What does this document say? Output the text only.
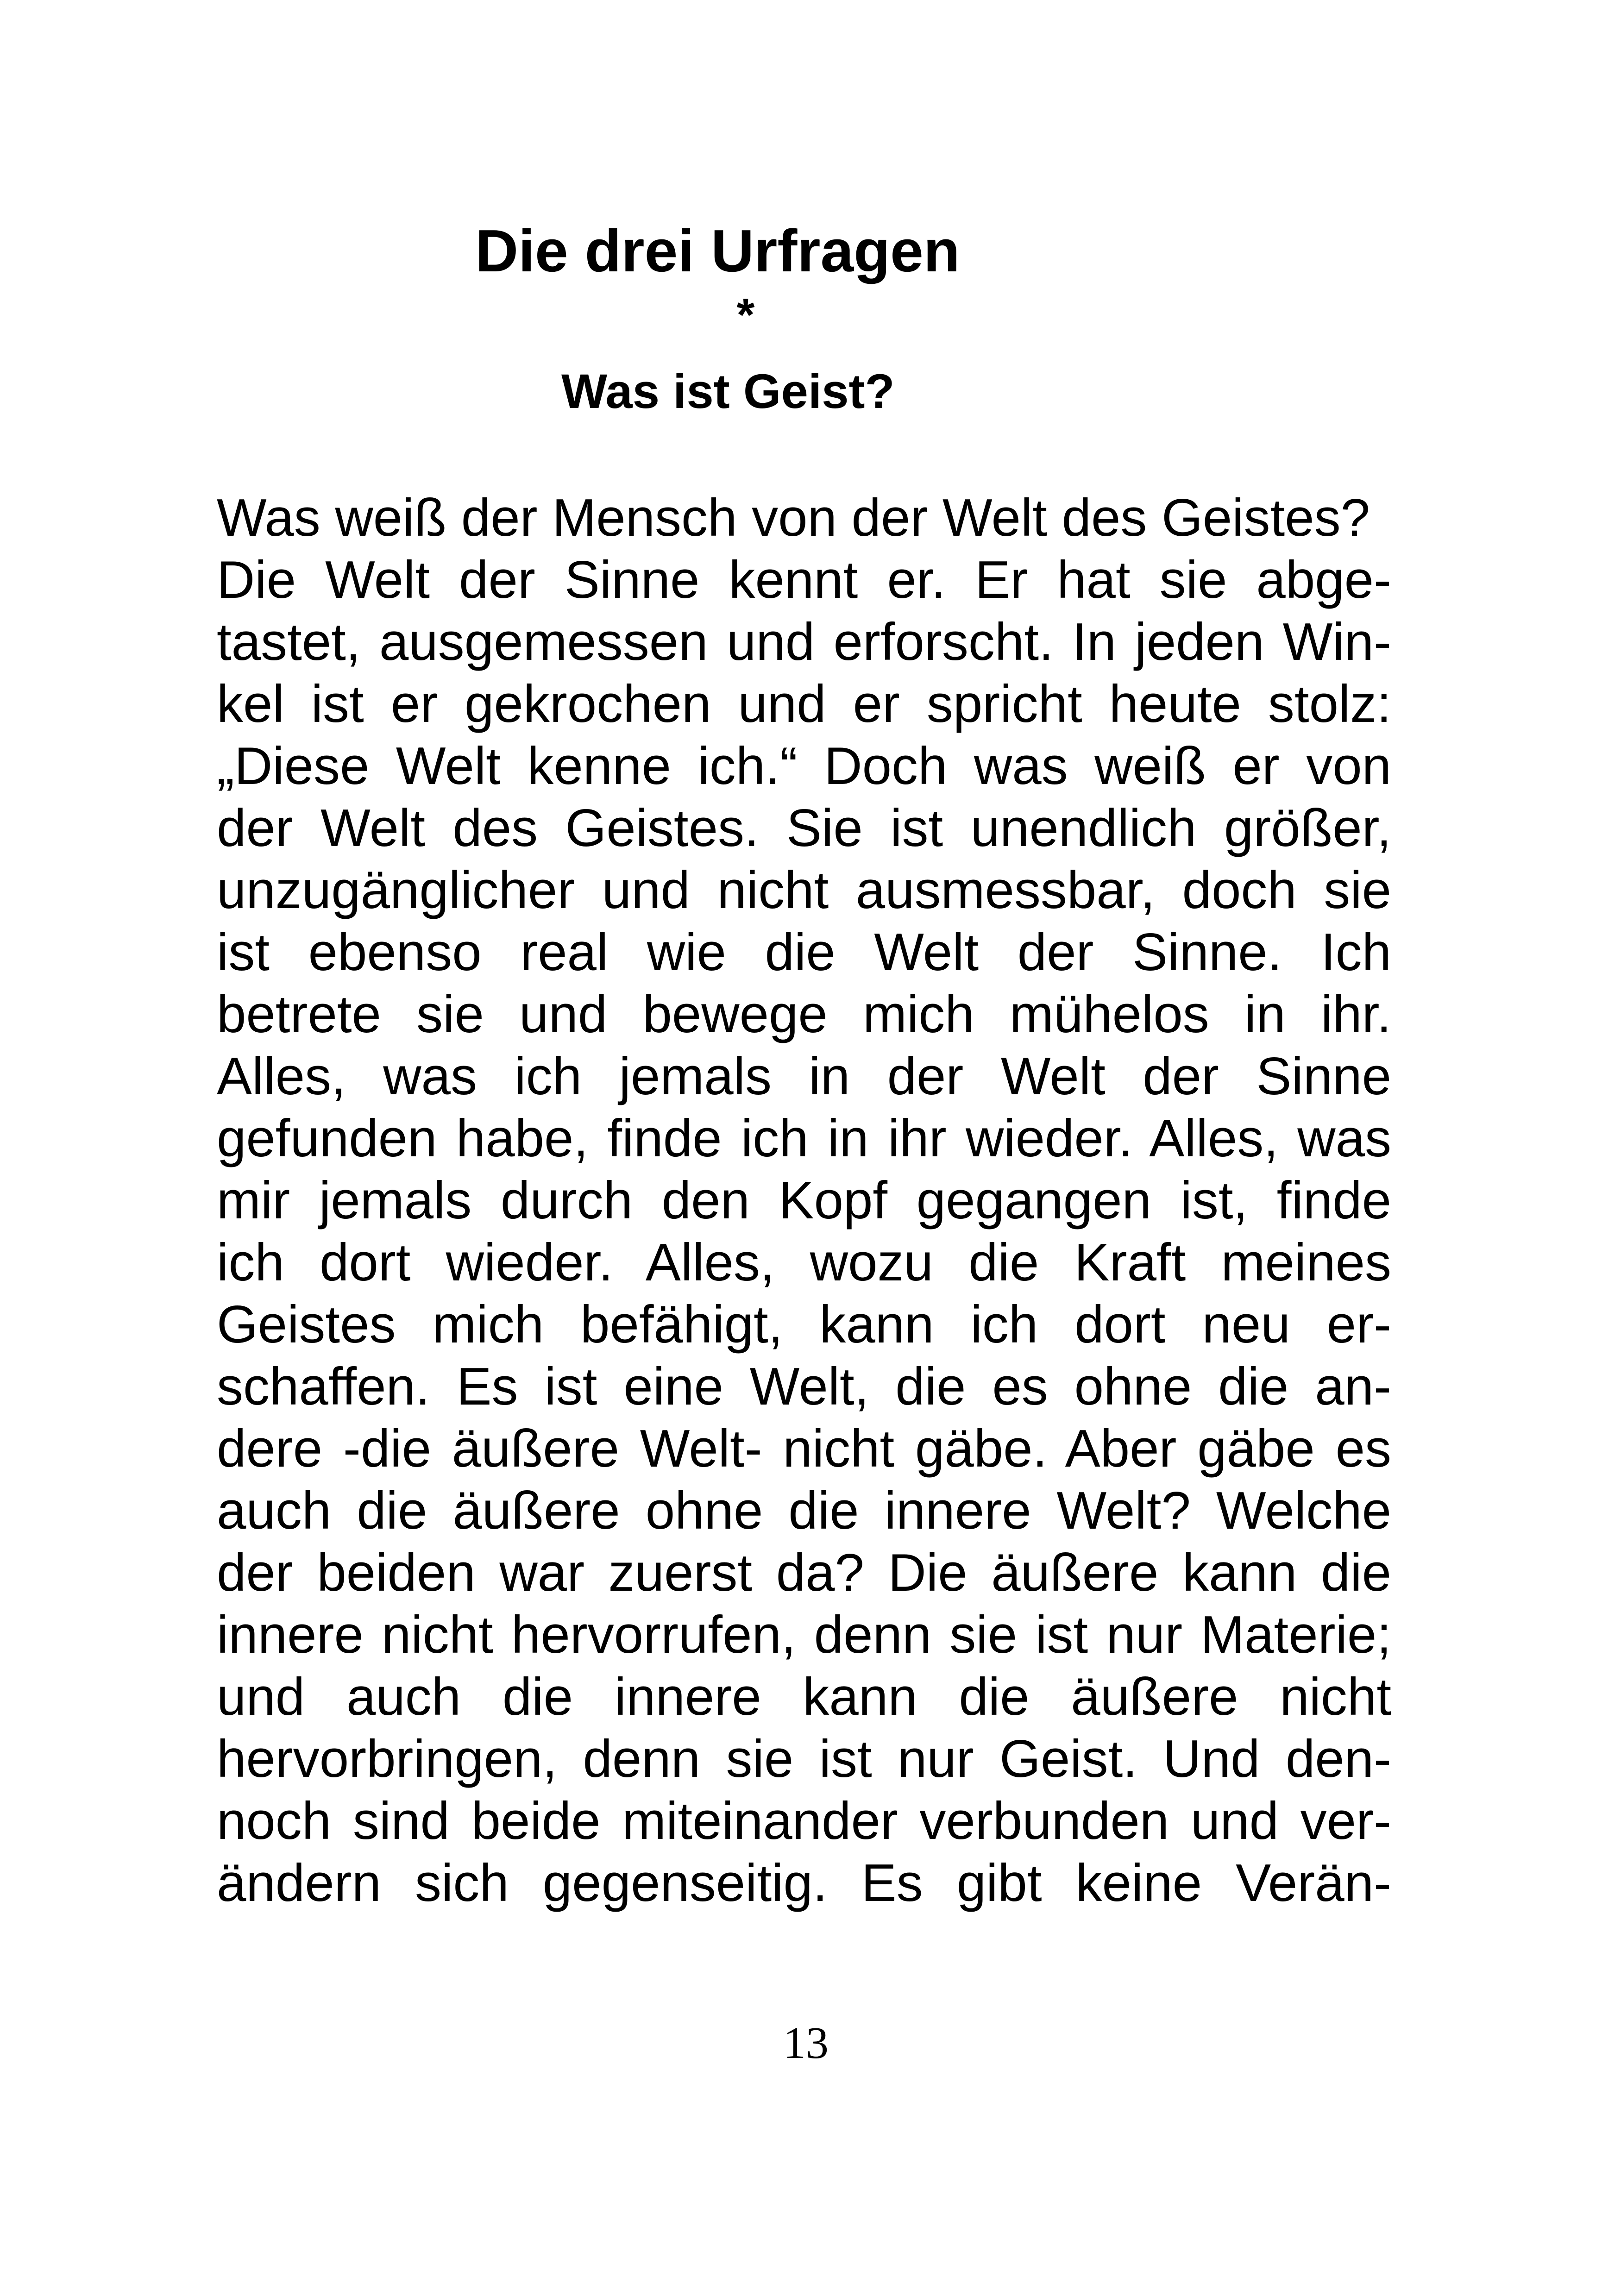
Die drei Urfragen
*
Was ist Geist?
Was weiß der Mensch von der Welt des Geistes?
Die Welt der Sinne kennt er. Er hat sie abge-
tastet, ausgemessen und erforscht. In jeden Win-
kel ist er gekrochen und er spricht heute stolz:
„Diese Welt kenne ich.“ Doch was weiß er von
der Welt des Geistes. Sie ist unendlich größer,
unzugänglicher und nicht ausmessbar, doch sie
ist ebenso real wie die Welt der Sinne. Ich
betrete sie und bewege mich mühelos in ihr.
Alles, was ich jemals in der Welt der Sinne
gefunden habe, finde ich in ihr wieder. Alles, was
mir jemals durch den Kopf gegangen ist, finde
ich dort wieder. Alles, wozu die Kraft meines
Geistes mich befähigt, kann ich dort neu er-
schaffen. Es ist eine Welt, die es ohne die an-
dere -die äußere Welt- nicht gäbe. Aber gäbe es
auch die äußere ohne die innere Welt? Welche
der beiden war zuerst da? Die äußere kann die
innere nicht hervorrufen, denn sie ist nur Materie;
und auch die innere kann die äußere nicht
hervorbringen, denn sie ist nur Geist. Und den-
noch sind beide miteinander verbunden und ver-
ändern sich gegenseitig. Es gibt keine Verän-
13
